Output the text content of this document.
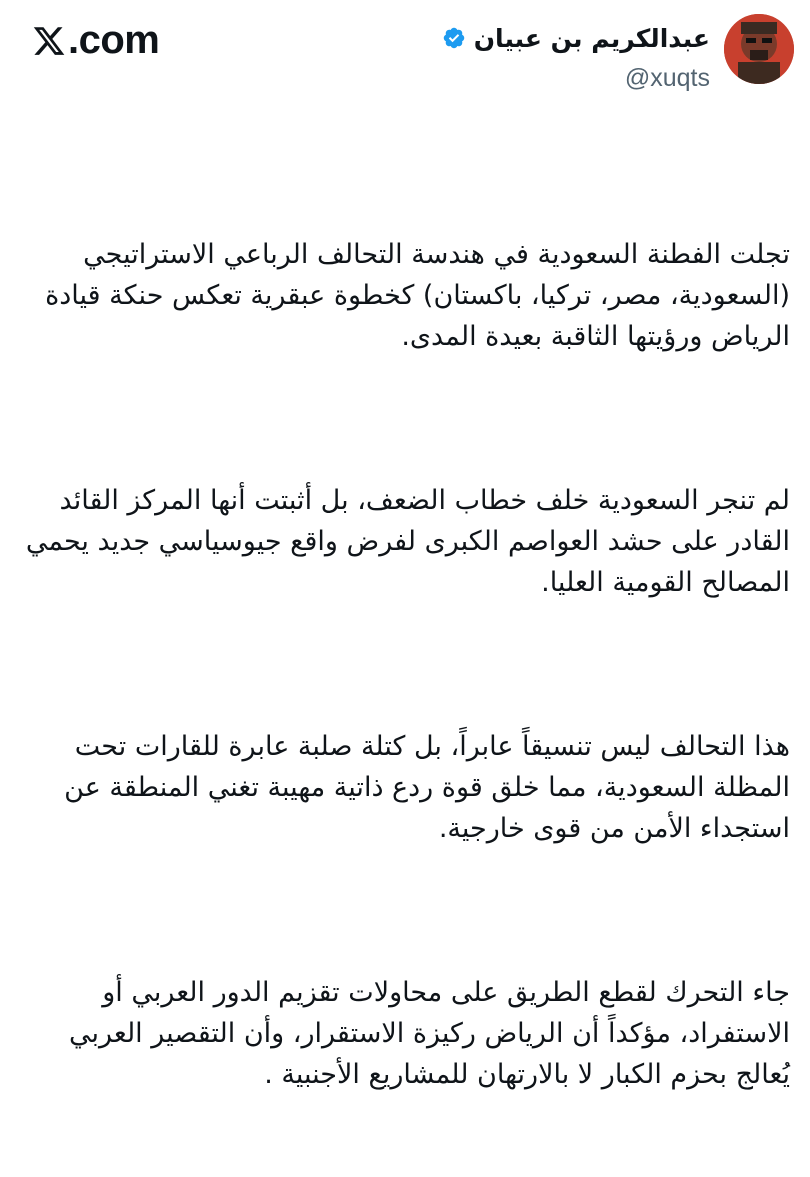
.com	عبدالكريم بن عبيان
@xuqts

تجلت الفطنة السعودية في هندسة التحالف الرباعي الاستراتيجي (السعودية، مصر، تركيا، باكستان) كخطوة عبقرية تعكس حنكة قيادة الرياض ورؤيتها الثاقبة بعيدة المدى.

لم تنجر السعودية خلف خطاب الضعف، بل أثبتت أنها المركز القائد القادر على حشد العواصم الكبرى لفرض واقع جيوسياسي جديد يحمي المصالح القومية العليا.

هذا التحالف ليس تنسيقاً عابراً، بل كتلة صلبة عابرة للقارات تحت المظلة السعودية، مما خلق قوة ردع ذاتية مهيبة تغني المنطقة عن استجداء الأمن من قوى خارجية.

جاء التحرك لقطع الطريق على محاولات تقزيم الدور العربي أو الاستفراد، مؤكداً أن الرياض ركيزة الاستقرار، وأن التقصير العربي يُعالج بحزم الكبار لا بالارتهان للمشاريع الأجنبية .
